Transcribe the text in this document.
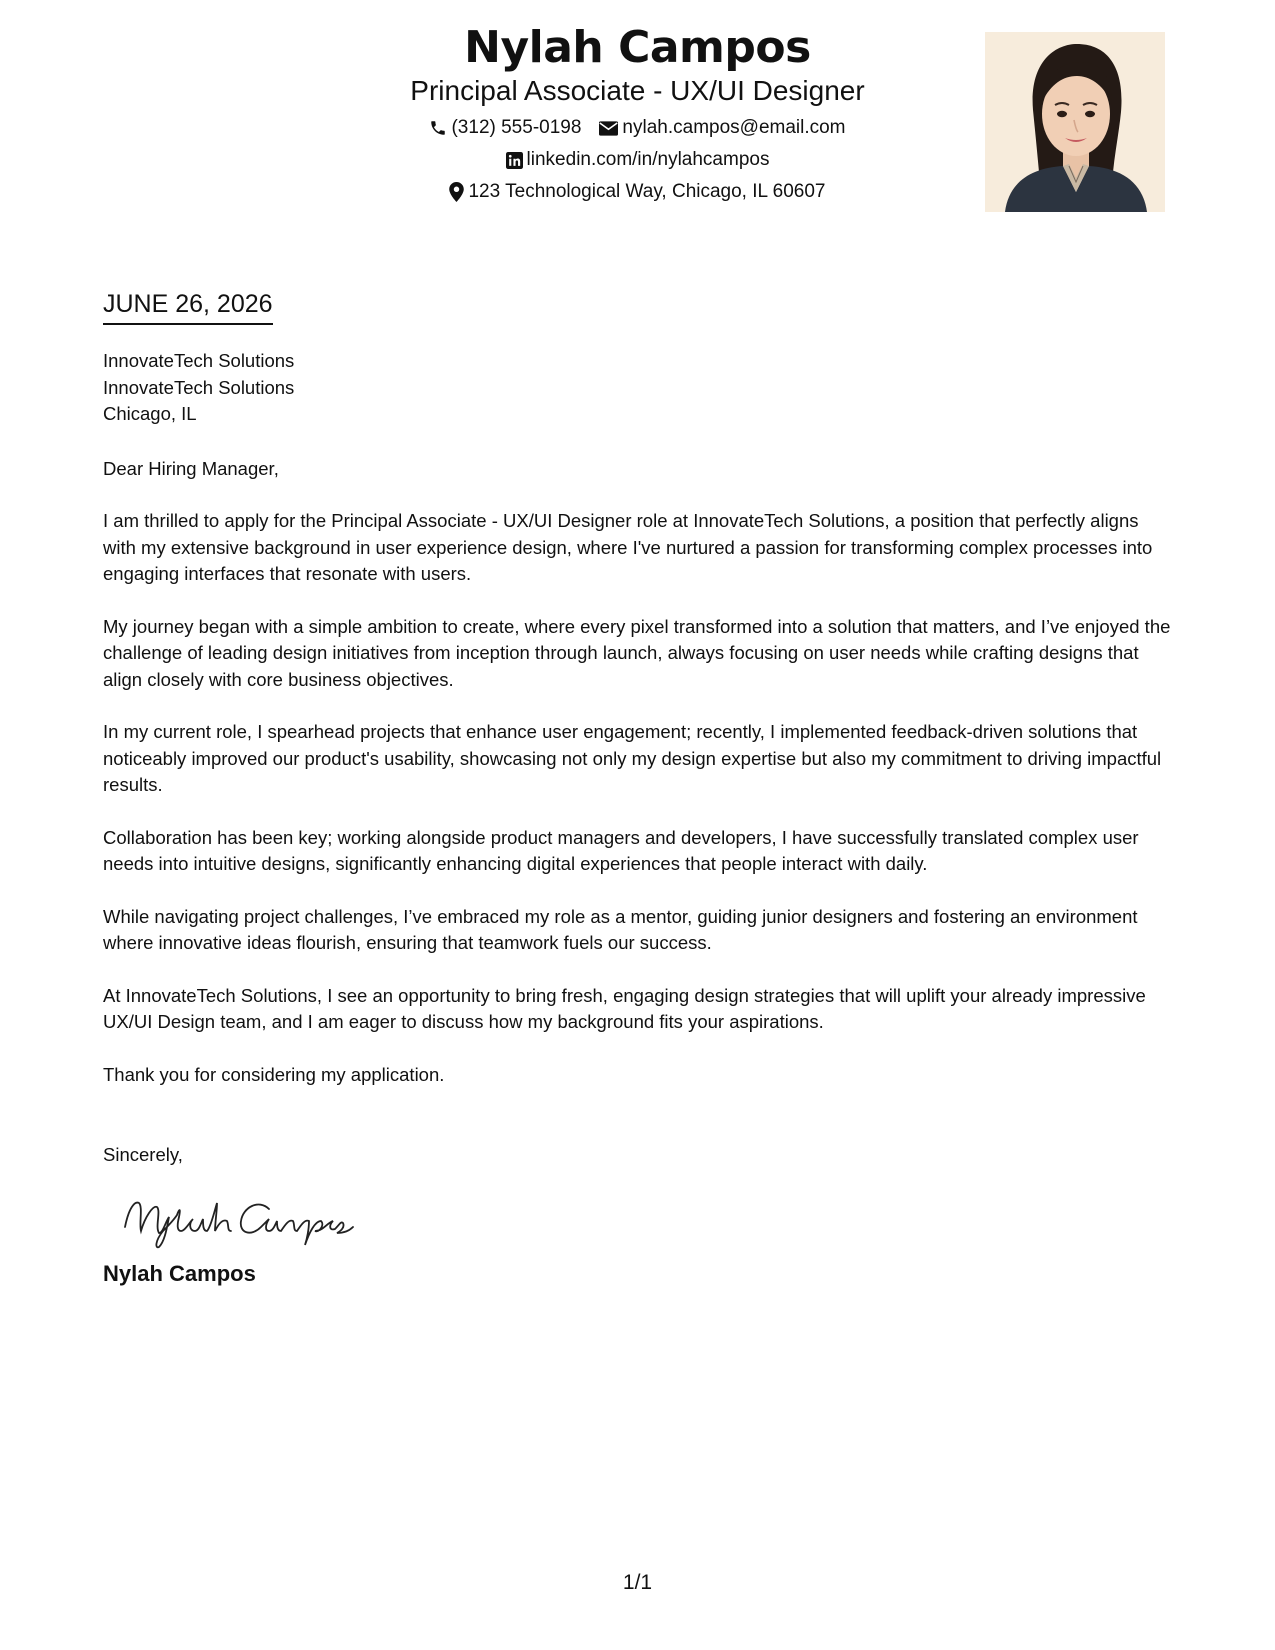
Nylah Campos
Principal Associate - UX/UI Designer
(312) 555-0198 nylah.campos@email.com
linkedin.com/in/nylahcampos
123 Technological Way, Chicago, IL 60607
JUNE 26, 2026
InnovateTech Solutions
InnovateTech Solutions
Chicago, IL

Dear Hiring Manager,

I am thrilled to apply for the Principal Associate - UX/UI Designer role at InnovateTech Solutions, a position that perfectly aligns with my extensive background in user experience design, where I've nurtured a passion for transforming complex processes into engaging interfaces that resonate with users.

My journey began with a simple ambition to create, where every pixel transformed into a solution that matters, and I’ve enjoyed the challenge of leading design initiatives from inception through launch, always focusing on user needs while crafting designs that align closely with core business objectives.

In my current role, I spearhead projects that enhance user engagement; recently, I implemented feedback-driven solutions that noticeably improved our product's usability, showcasing not only my design expertise but also my commitment to driving impactful results.

Collaboration has been key; working alongside product managers and developers, I have successfully translated complex user needs into intuitive designs, significantly enhancing digital experiences that people interact with daily.

While navigating project challenges, I’ve embraced my role as a mentor, guiding junior designers and fostering an environment where innovative ideas flourish, ensuring that teamwork fuels our success.

At InnovateTech Solutions, I see an opportunity to bring fresh, engaging design strategies that will uplift your already impressive UX/UI Design team, and I am eager to discuss how my background fits your aspirations.

Thank you for considering my application.

Sincerely,

Nylah Campos
1/1
